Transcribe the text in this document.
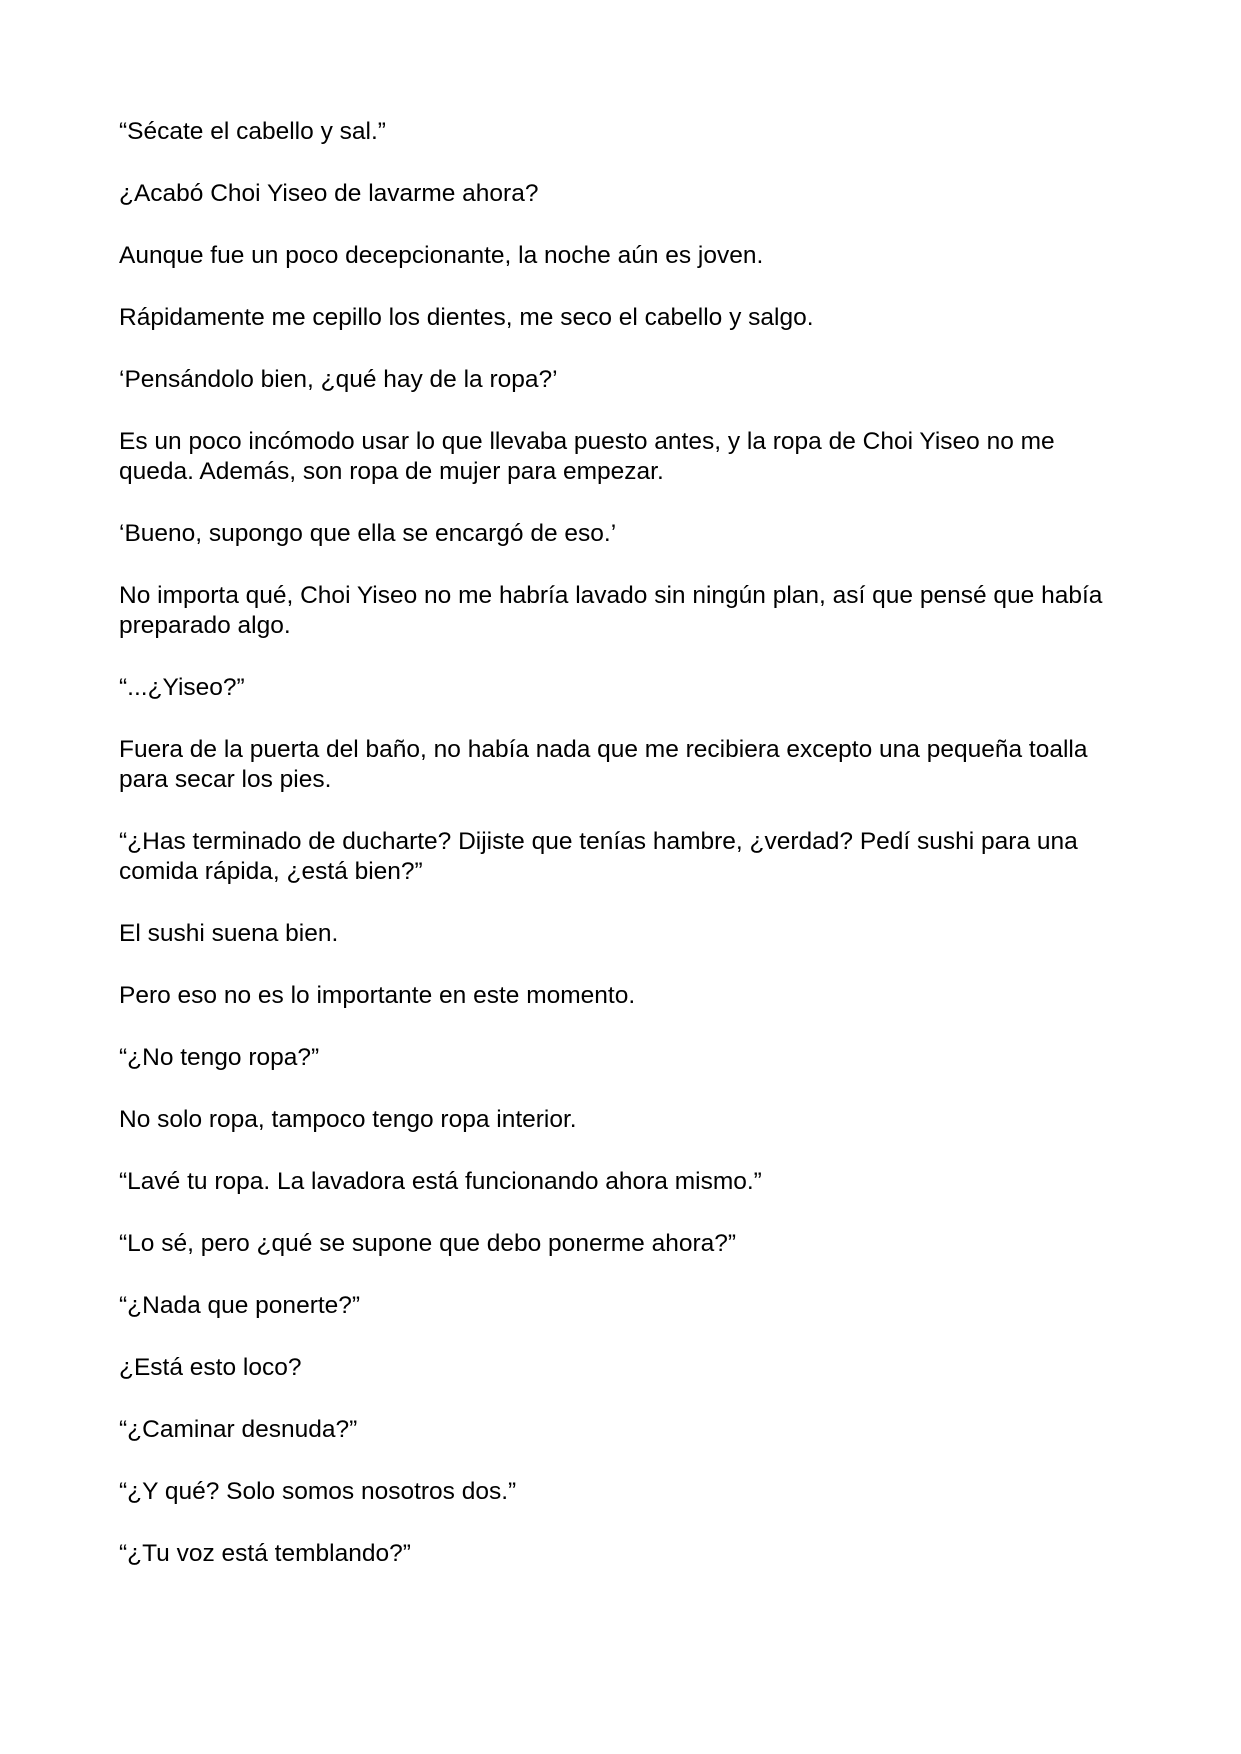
“Sécate el cabello y sal.”

¿Acabó Choi Yiseo de lavarme ahora?

Aunque fue un poco decepcionante, la noche aún es joven.

Rápidamente me cepillo los dientes, me seco el cabello y salgo.

‘Pensándolo bien, ¿qué hay de la ropa?’

Es un poco incómodo usar lo que llevaba puesto antes, y la ropa de Choi Yiseo no me queda. Además, son ropa de mujer para empezar.

‘Bueno, supongo que ella se encargó de eso.’

No importa qué, Choi Yiseo no me habría lavado sin ningún plan, así que pensé que había preparado algo.

“...¿Yiseo?”

Fuera de la puerta del baño, no había nada que me recibiera excepto una pequeña toalla para secar los pies.

“¿Has terminado de ducharte? Dijiste que tenías hambre, ¿verdad? Pedí sushi para una comida rápida, ¿está bien?”

El sushi suena bien.

Pero eso no es lo importante en este momento.

“¿No tengo ropa?”

No solo ropa, tampoco tengo ropa interior.

“Lavé tu ropa. La lavadora está funcionando ahora mismo.”

“Lo sé, pero ¿qué se supone que debo ponerme ahora?”

“¿Nada que ponerte?”

¿Está esto loco?

“¿Caminar desnuda?”

“¿Y qué? Solo somos nosotros dos.”

“¿Tu voz está temblando?”
